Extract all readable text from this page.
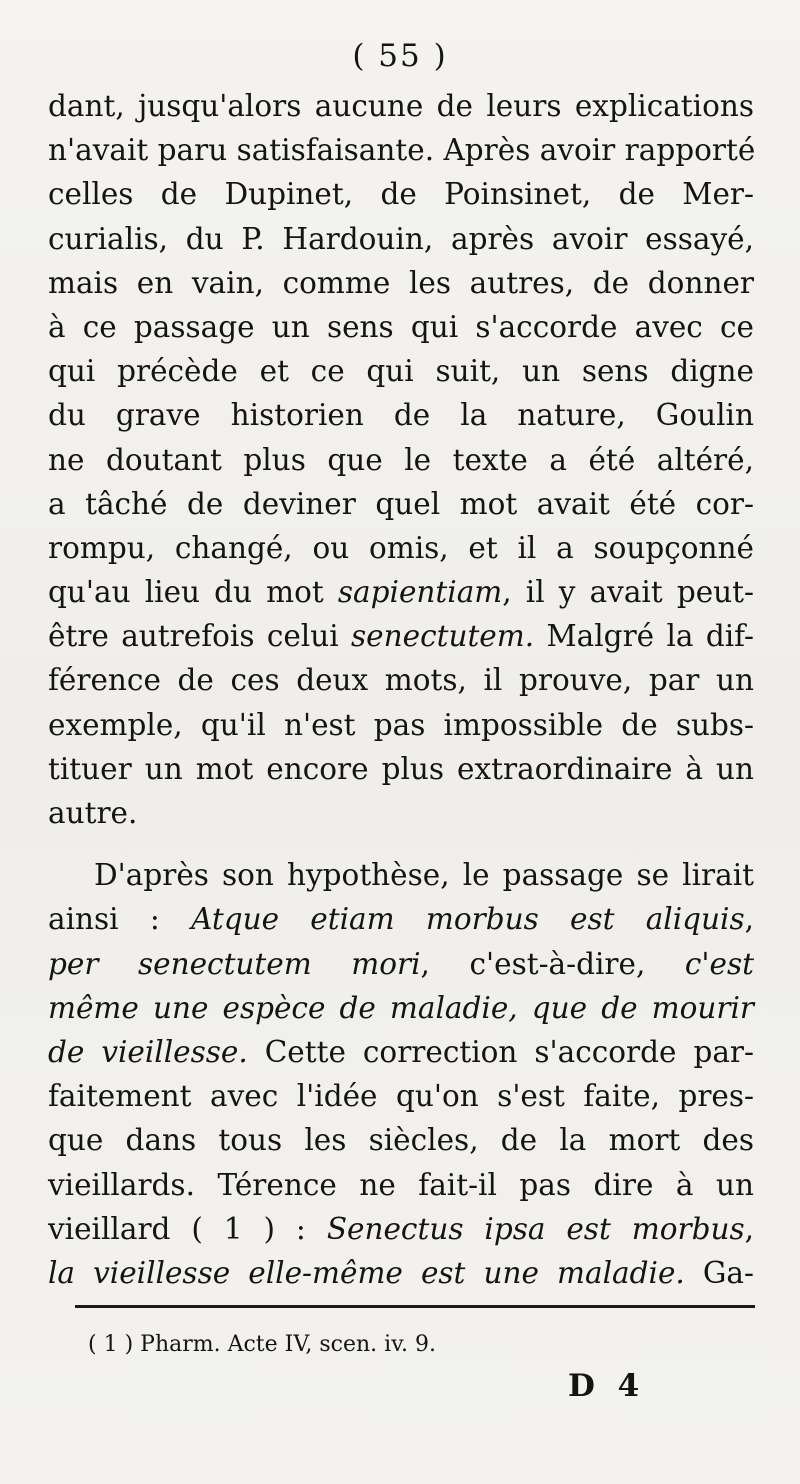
( 55 )
dant, jusqu'alors aucune de leurs explications
n'avait paru satisfaisante. Après avoir rapporté
celles de Dupinet, de Poinsinet, de Mer-
curialis, du P. Hardouin, après avoir essayé,
mais en vain, comme les autres, de donner
à ce passage un sens qui s'accorde avec ce
qui précède et ce qui suit, un sens digne
du grave historien de la nature, Goulin
ne doutant plus que le texte a été altéré,
a tâché de deviner quel mot avait été cor-
rompu, changé, ou omis, et il a soupçonné
qu'au lieu du mot sapientiam, il y avait peut-
être autrefois celui senectutem. Malgré la dif-
férence de ces deux mots, il prouve, par un
exemple, qu'il n'est pas impossible de subs-
tituer un mot encore plus extraordinaire à un
autre.
D'après son hypothèse, le passage se lirait
ainsi : Atque etiam morbus est aliquis,
per senectutem mori, c'est-à-dire, c'est
même une espèce de maladie, que de mourir
de vieillesse. Cette correction s'accorde par-
faitement avec l'idée qu'on s'est faite, pres-
que dans tous les siècles, de la mort des
vieillards. Térence ne fait-il pas dire à un
vieillard ( 1 ) : Senectus ipsa est morbus,
la vieillesse elle-même est une maladie. Ga-
( 1 ) Pharm. Acte IV, scen. iv. 9.
D 4
